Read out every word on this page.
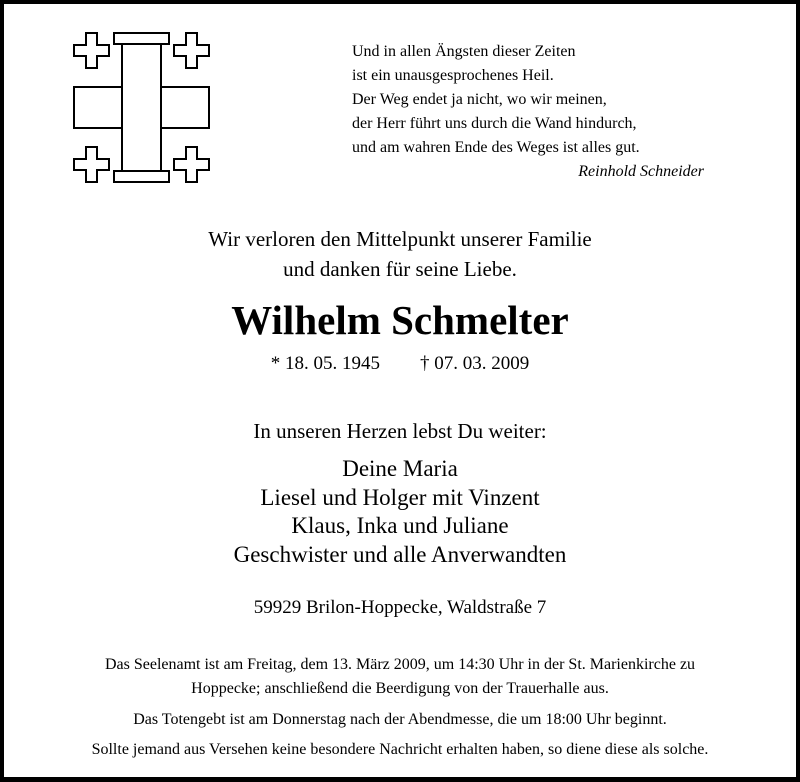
Und in allen Ängsten dieser Zeiten
ist ein unausgesprochenes Heil.
Der Weg endet ja nicht, wo wir meinen,
der Herr führt uns durch die Wand hindurch,
und am wahren Ende des Weges ist alles gut.
Reinhold Schneider
Wir verloren den Mittelpunkt unserer Familie
und danken für seine Liebe.
Wilhelm Schmelter
* 18. 05. 1945 † 07. 03. 2009
In unseren Herzen lebst Du weiter:
Deine Maria
Liesel und Holger mit Vinzent
Klaus, Inka und Juliane
Geschwister und alle Anverwandten
59929 Brilon-Hoppecke, Waldstraße 7
Das Seelenamt ist am Freitag, dem 13. März 2009, um 14:30 Uhr in der St. Marienkirche zu
Hoppecke; anschließend die Beerdigung von der Trauerhalle aus.
Das Totengebt ist am Donnerstag nach der Abendmesse, die um 18:00 Uhr beginnt.
Sollte jemand aus Versehen keine besondere Nachricht erhalten haben, so diene diese als solche.
